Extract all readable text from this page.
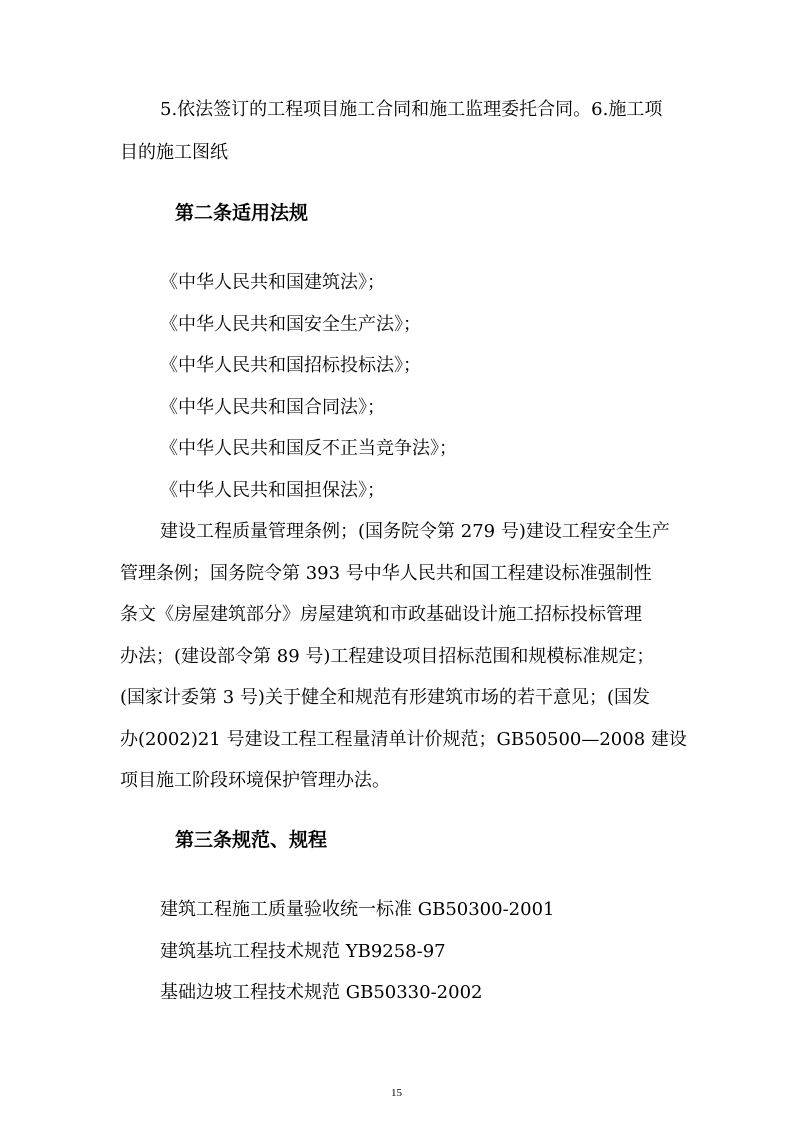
5.依法签订的工程项目施工合同和施工监理委托合同。6.施工项
目的施工图纸
第二条适用法规
《中华人民共和国建筑法》；
《中华人民共和国安全生产法》；
《中华人民共和国招标投标法》；
《中华人民共和国合同法》；
《中华人民共和国反不正当竞争法》；
《中华人民共和国担保法》；
建设工程质量管理条例；(国务院令第 279 号)建设工程安全生产
管理条例；国务院令第 393 号中华人民共和国工程建设标准强制性
条文《房屋建筑部分》房屋建筑和市政基础设计施工招标投标管理
办法；(建设部令第 89 号)工程建设项目招标范围和规模标准规定；
(国家计委第 3 号)关于健全和规范有形建筑市场的若干意见；(国发
办(2002)21 号建设工程工程量清单计价规范；GB50500—2008 建设
项目施工阶段环境保护管理办法。
第三条规范、规程
建筑工程施工质量验收统一标准 GB50300-2001
建筑基坑工程技术规范 YB9258-97
基础边坡工程技术规范 GB50330-2002
15
